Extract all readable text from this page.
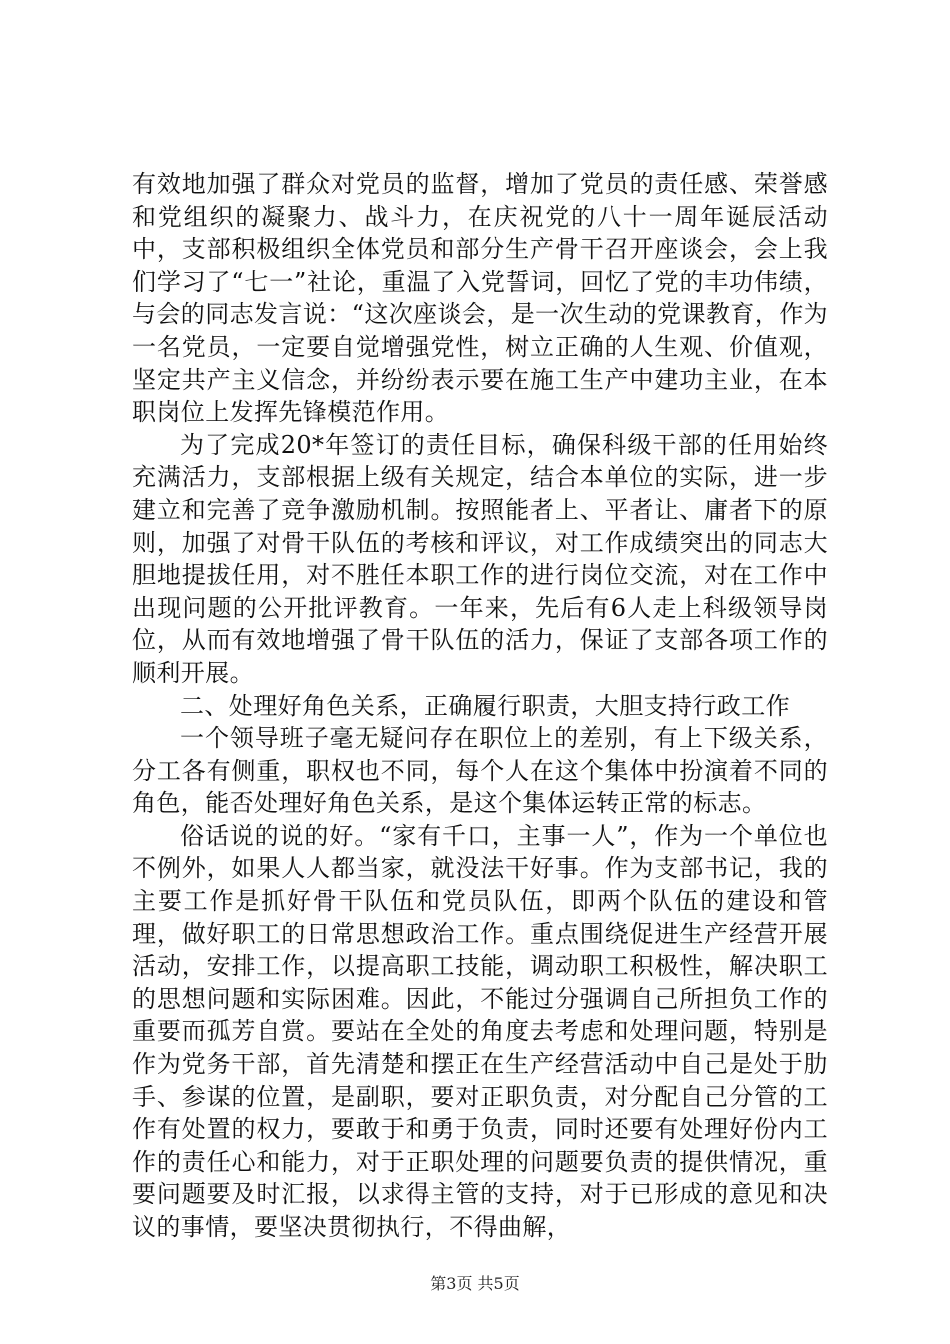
有效地加强了群众对党员的监督，增加了党员的责任感、荣誉感和党组织的凝聚力、战斗力，在庆祝党的八十一周年诞辰活动中，支部积极组织全体党员和部分生产骨干召开座谈会，会上我们学习了“七一”社论，重温了入党誓词，回忆了党的丰功伟绩，与会的同志发言说：“这次座谈会，是一次生动的党课教育，作为一名党员，一定要自觉增强党性，树立正确的人生观、价值观，坚定共产主义信念，并纷纷表示要在施工生产中建功主业，在本职岗位上发挥先锋模范作用。

为了完成20*年签订的责任目标，确保科级干部的任用始终充满活力，支部根据上级有关规定，结合本单位的实际，进一步建立和完善了竞争激励机制。按照能者上、平者让、庸者下的原则，加强了对骨干队伍的考核和评议，对工作成绩突出的同志大胆地提拔任用，对不胜任本职工作的进行岗位交流，对在工作中出现问题的公开批评教育。一年来，先后有6人走上科级领导岗位，从而有效地增强了骨干队伍的活力，保证了支部各项工作的顺利开展。

二、处理好角色关系，正确履行职责，大胆支持行政工作

一个领导班子毫无疑问存在职位上的差别，有上下级关系，分工各有侧重，职权也不同，每个人在这个集体中扮演着不同的角色，能否处理好角色关系，是这个集体运转正常的标志。

俗话说的说的好。“家有千口，主事一人”，作为一个单位也不例外，如果人人都当家，就没法干好事。作为支部书记，我的主要工作是抓好骨干队伍和党员队伍，即两个队伍的建设和管理，做好职工的日常思想政治工作。重点围绕促进生产经营开展活动，安排工作，以提高职工技能，调动职工积极性，解决职工的思想问题和实际困难。因此，不能过分强调自己所担负工作的重要而孤芳自赏。要站在全处的角度去考虑和处理问题，特别是作为党务干部，首先清楚和摆正在生产经营活动中自己是处于肋手、参谋的位置，是副职，要对正职负责，对分配自己分管的工作有处置的权力，要敢于和勇于负责，同时还要有处理好份内工作的责任心和能力，对于正职处理的问题要负责的提供情况，重要问题要及时汇报，以求得主管的支持，对于已形成的意见和决议的事情，要坚决贯彻执行，不得曲解，

第3页 共5页
